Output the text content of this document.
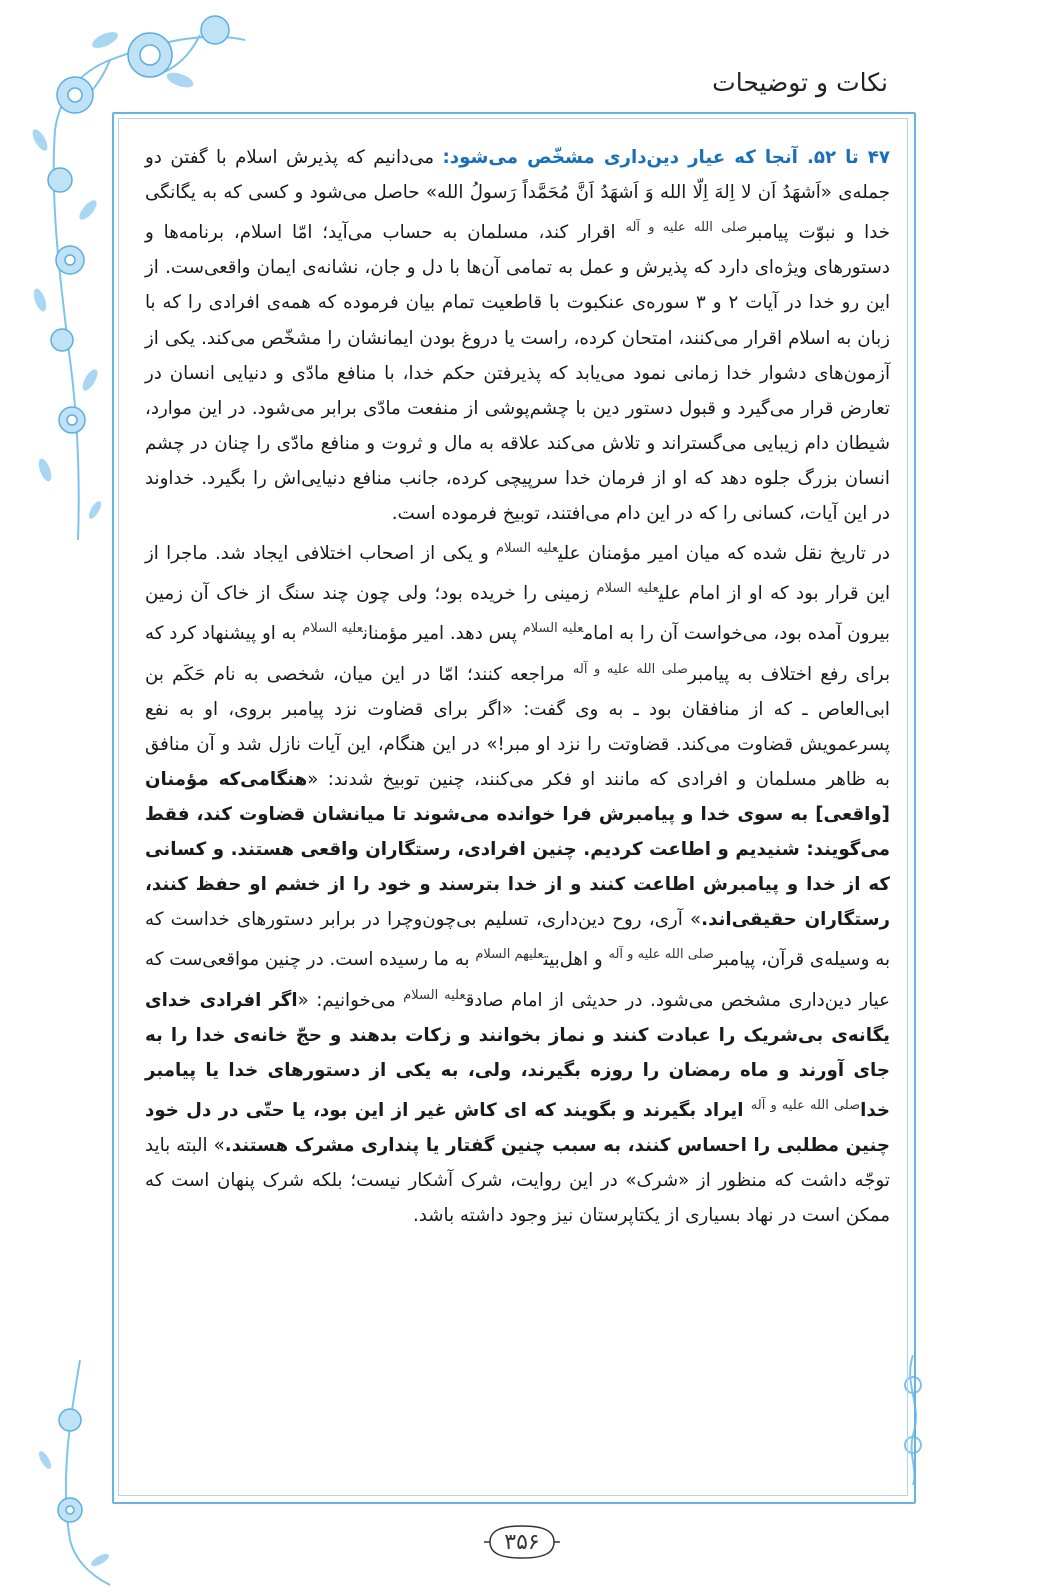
نکات و توضیحات

۴۷ تا ۵۲. آنجا که عیار دین‌داری مشخّص می‌شود: می‌دانیم که پذیرش اسلام با گفتن دو جمله‌ی «اَشهَدُ اَن لا اِلهَ اِلّا الله وَ اَشهَدُ اَنَّ مُحَمَّداً رَسولُ الله» حاصل می‌شود و کسی که به یگانگی خدا و نبوّت پیامبر$^{صلی الله علیه و آله}$ اقرار کند، مسلمان به حساب می‌آید؛ امّا اسلام، برنامه‌ها و دستورهای ویژه‌ای دارد که پذیرش و عمل به تمامی آن‌ها با دل و جان، نشانه‌ی ایمان واقعی‌ست. از این رو خدا در آیات ۲ و ۳ سوره‌ی عنکبوت با قاطعیت تمام بیان فرموده که همه‌ی افرادی را که با زبان به اسلام اقرار می‌کنند، امتحان کرده، راست یا دروغ بودن ایمانشان را مشخّص می‌کند. یکی از آزمون‌های دشوار خدا زمانی نمود می‌یابد که پذیرفتن حکم خدا، با منافع مادّی و دنیایی انسان در تعارض قرار می‌گیرد و قبول دستور دین با چشم‌پوشی از منفعت مادّی برابر می‌شود. در این موارد، شیطان دام زیبایی می‌گستراند و تلاش می‌کند علاقه به مال و ثروت و منافع مادّی را چنان در چشم انسان بزرگ جلوه دهد که او از فرمان خدا سرپیچی کرده، جانب منافع دنیایی‌اش را بگیرد. خداوند در این آیات، کسانی را که در این دام می‌افتند، توبیخ فرموده است.

در تاریخ نقل شده که میان امیر مؤمنان علی$^{علیه السلام}$ و یکی از اصحاب اختلافی ایجاد شد. ماجرا از این قرار بود که او از امام علی$^{علیه السلام}$ زمینی را خریده بود؛ ولی چون چند سنگ از خاک آن زمین بیرون آمده بود، می‌خواست آن را به امام$^{علیه السلام}$ پس دهد. امیر مؤمنان$^{علیه السلام}$ به او پیشنهاد کرد که برای رفع اختلاف به پیامبر$^{صلی الله علیه و آله}$ مراجعه کنند؛ امّا در این میان، شخصی به نام حَکَم بن ابی‌العاص ـ که از منافقان بود ـ به وی گفت: «اگر برای قضاوت نزد پیامبر بروی، او به نفع پسرعمویش قضاوت می‌کند. قضاوتت را نزد او مبر!» در این هنگام، این آیات نازل شد و آن منافق به ظاهر مسلمان و افرادی که مانند او فکر می‌کنند، چنین توبیخ شدند: «هنگامی‌که مؤمنان [واقعی] به سوی خدا و پیامبرش فرا خوانده می‌شوند تا میانشان قضاوت کند، فقط می‌گویند: شنیدیم و اطاعت کردیم. چنین افرادی، رستگاران واقعی هستند. و کسانی که از خدا و پیامبرش اطاعت کنند و از خدا بترسند و خود را از خشم او حفظ کنند، رستگاران حقیقی‌اند.» آری، روح دین‌داری، تسلیم بی‌چون‌وچرا در برابر دستورهای خداست که به وسیله‌ی قرآن، پیامبر$^{صلی الله علیه و آله}$ و اهل‌بیت$^{علیهم السلام}$ به ما رسیده است. در چنین مواقعی‌ست که عیار دین‌داری مشخص می‌شود. در حدیثی از امام صادق$^{علیه السلام}$ می‌خوانیم: «اگر افرادی خدای یگانه‌ی بی‌شریک را عبادت کنند و نماز بخوانند و زکات بدهند و حجّ خانه‌ی خدا را به جای آورند و ماه رمضان را روزه بگیرند، ولی، به یکی از دستورهای خدا یا پیامبر خدا$^{صلی الله علیه و آله}$ ایراد بگیرند و بگویند که ای کاش غیر از این بود، یا حتّی در دل خود چنین مطلبی را احساس کنند، به سبب چنین گفتار یا پنداری مشرک هستند.» البته باید توجّه داشت که منظور از «شرک» در این روایت، شرک آشکار نیست؛ بلکه شرک پنهان است که ممکن است در نهاد بسیاری از یکتاپرستان نیز وجود داشته باشد.

۳۵۶
